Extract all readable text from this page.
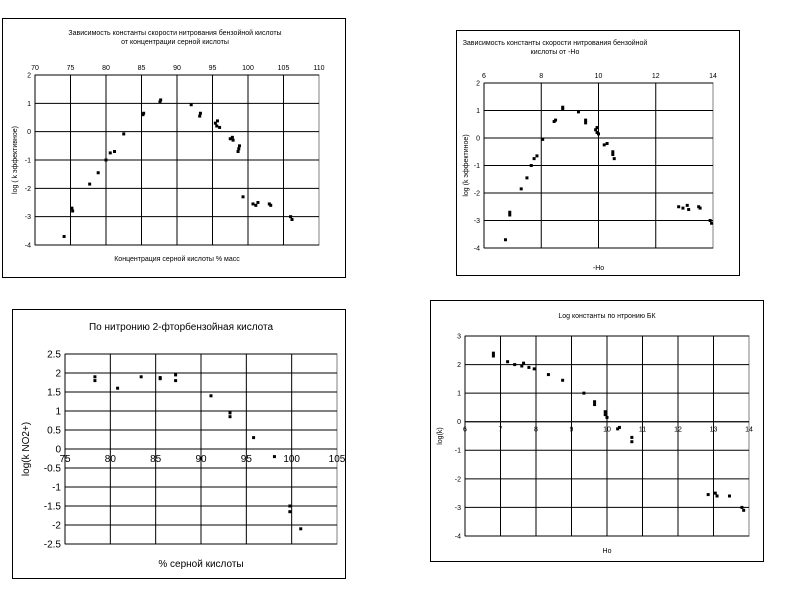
Зависимость константы скорости нитрования бензойной кислоты
от концентрации серной кислоты
70	75	80	85	90	95	100	105	110
2
1
0
-1
-2
-3
-4
Концентрация серной кислоты % масс
log ( k эффективное)
Зависимость константы скорости нитрования бензойной
кислоты от -Ho
6	8	10	12	14
2
1
0
-1
-2
-3
-4
-Ho
log (k эффектиное)
По нитронию 2-фторбензойная кислота
75	80	85	90	95	100	105
2.5
2
1.5
1
0.5
0
-0.5
-1
-1.5
-2
-2.5
% серной кислоты
log(k NO2+)
Log константы по нтронию БК
6	7	8	9	10	11	12	13	14
3
2
1
0
-1
-2
-3
-4
Ho
log(k)
